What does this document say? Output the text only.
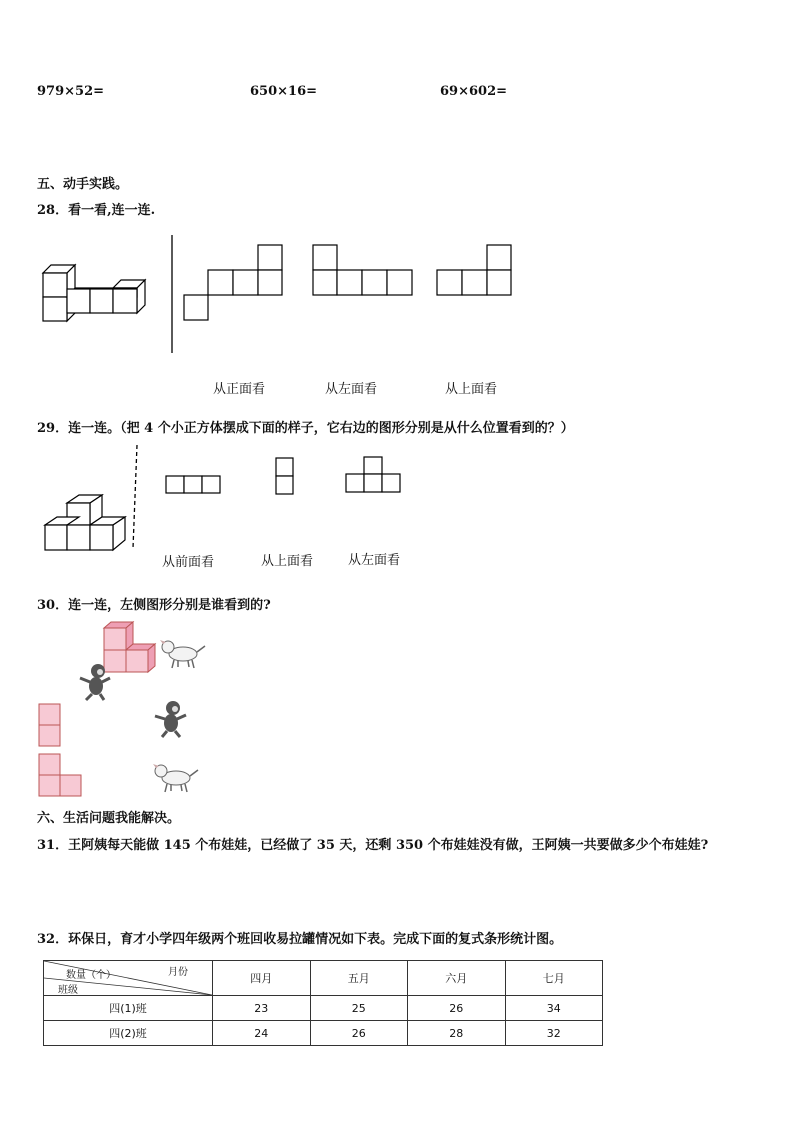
979×52=	650×16=	69×602=
五、动手实践。
28．看一看,连一连.
从正面看	从左面看	从上面看
29．连一连。（把 4 个小正方体摆成下面的样子，它右边的图形分别是从什么位置看到的？）
从前面看	从上面看	从左面看
30．连一连，左侧图形分别是谁看到的?
六、生活问题我能解决。
31．王阿姨每天能做 145 个布娃娃，已经做了 35 天，还剩 350 个布娃娃没有做，王阿姨一共要做多少个布娃娃?
32．环保日，育才小学四年级两个班回收易拉罐情况如下表。完成下面的复式条形统计图。
月份
数量（个）
班级	四月	五月	六月	七月
四(1)班	23	25	26	34
四(2)班	24	26	28	32
